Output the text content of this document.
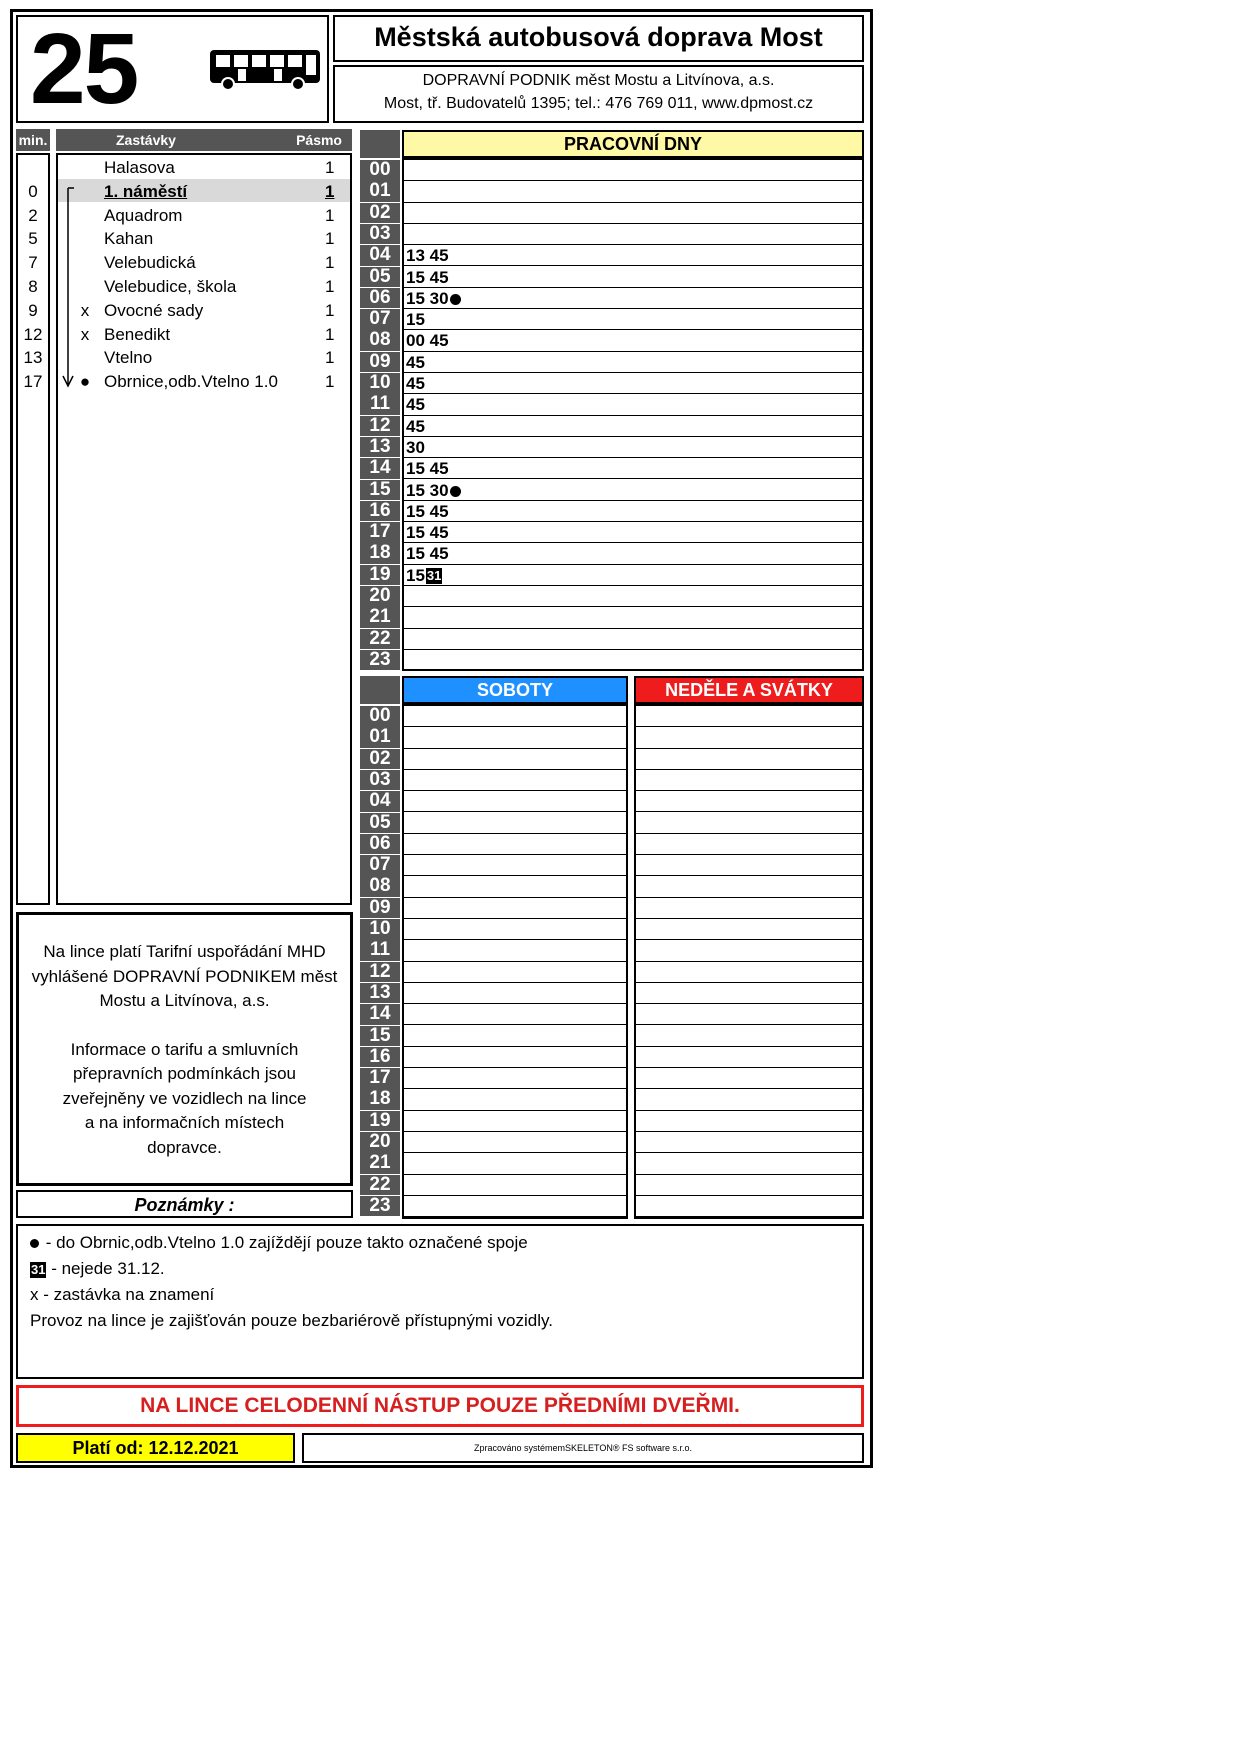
25	Městská autobusová doprava Most
DOPRAVNÍ PODNIK měst Mostu a Litvínova, a.s.
Most, tř. Budovatelů 1395; tel.: 476 769 011, www.dpmost.cz
min.	Zastávky	Pásmo
Halasova	1
0	1. náměstí	1
2	Aquadrom	1
5	Kahan	1
7	Velebudická	1
8	Velebudice, škola	1
9	x Ovocné sady	1
12	x Benedikt	1
13	Vtelno	1
17	● Obrnice,odb.Vtelno 1.0	1
Na lince platí Tarifní uspořádání MHD
vyhlášené DOPRAVNÍ PODNIKEM měst
Mostu a Litvínova, a.s.
Informace o tarifu a smluvních
přepravních podmínkách jsou
zveřejněny ve vozidlech na lince
a na informačních místech
dopravce.
Poznámky :
PRACOVNÍ DNY
00
01
02
03
04 13 45
05 15 45
06 15 30
07 15
08 00 45
09 45
10 45
11 45
12 45
13 30
14 15 45
15 15 30
16 15 45
17 15 45
18 15 45
19 15 31
20
21
22
23
SOBOTY	NEDĚLE A SVÁTKY
00
01
02
03
04
05
06
07
08
09
10
11
12
13
14
15
16
17
18
19
20
21
22
23
- do Obrnic,odb.Vtelno 1.0 zajíždějí pouze takto označené spoje
31 - nejede 31.12.
x - zastávka na znamení
Provoz na lince je zajišťován pouze bezbariérově přístupnými vozidly.
NA LINCE CELODENNÍ NÁSTUP POUZE PŘEDNÍMI DVEŘMI.
Platí od: 12.12.2021	Zpracováno systémemSKELETON® FS software s.r.o.
